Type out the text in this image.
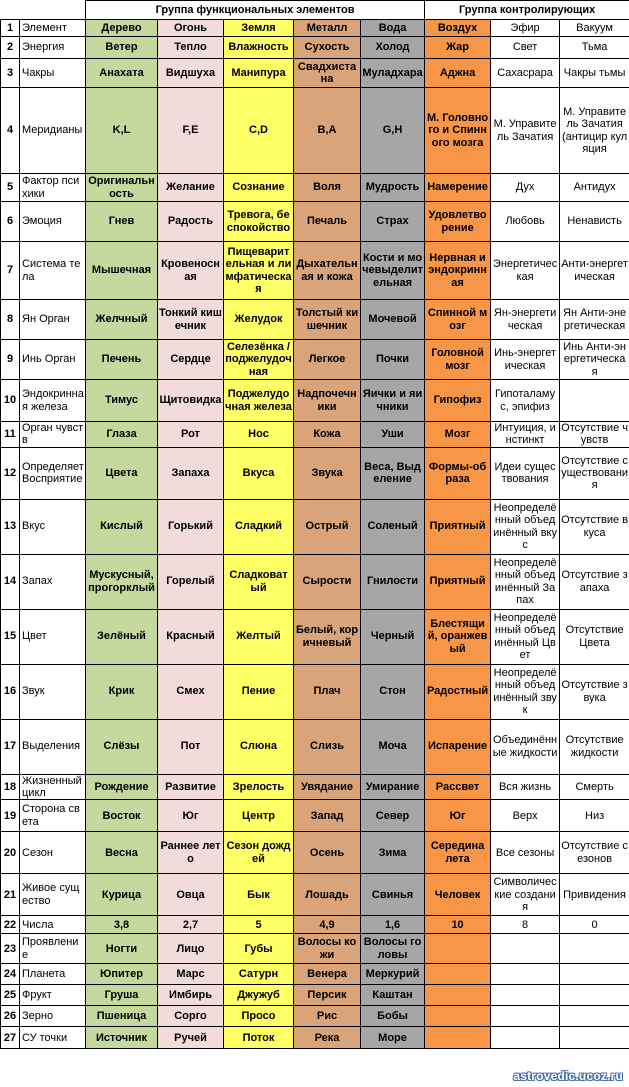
		Группа функциональных элементов					Группа контролирующих		
1	Элемент	Дерево	Огонь	Земля	Металл	Вода	Воздух	Эфир	Вакуум
2	Энергия	Ветер	Тепло	Влажность	Сухость	Холод	Жар	Свет	Тьма
3	Чакры	Анахата	Видшуха	Манипура	Свадхистана	Муладхара	Аджна	Сахасрара	Чакры тьмы
4	Меридианы	K,L	F,E	C,D	B,A	G,H	М. Головного и Спинного мозга	М. Управитель Зачатия	М. Управитель Зачатия (антицир куляция
5	Фактор психики	Оригинальность	Желание	Сознание	Воля	Мудрость	Намерение	Дух	Антидух
6	Эмоция	Гнев	Радость	Тревога, беспокойство	Печаль	Страх	Удовлетворение	Любовь	Ненависть
7	Система тела	Мышечная	Кровеносная	Пищеварительная и лимфатическая	Дыхательная и кожа	Кости и мочевыделительная	Нервная и эндокринная	Энергетическая	Анти-энергетическая
8	Ян Орган	Желчный	Тонкий кишечник	Желудок	Толстый кишечник	Мочевой	Спинной мозг	Ян-энергетическая	Ян Анти-энергетическая
9	Инь Орган	Печень	Сердце	Селезёнка /поджелудочная	Легкое	Почки	Головной мозг	Инь-энергетическая	Инь Анти-энергетическая
10	Эндокринная железа	Тимус	Щитовидка	Поджелудочная железа	Надпочечники	Яички и яичники	Гипофиз	Гипоталамус, эпифиз	
11	Орган чувств	Глаза	Рот	Нос	Кожа	Уши	Мозг	Интуиция, инстинкт	Отсутствие чувств
12	Определяет Восприятие	Цвета	Запаха	Вкуса	Звука	Веса, Выделение	Формы-образа	Идеи существования	Отсутствие существования
13	Вкус	Кислый	Горький	Сладкий	Острый	Соленый	Приятный	Неопределённый объединённый вкус	Отсутствие вкуса
14	Запах	Мускусный, прогорклый	Горелый	Сладковатый	Сырости	Гнилости	Приятный	Неопределённый объединённый Запах	Отсутствие запаха
15	Цвет	Зелёный	Красный	Желтый	Белый, коричневый	Черный	Блестящий, оранжевый	Неопределённый объединённый Цвет	Отсутствие Цвета
16	Звук	Крик	Смех	Пение	Плач	Стон	Радостный	Неопределённый объединённый звук	Отсутствие звука
17	Выделения	Слёзы	Пот	Слюна	Слизь	Моча	Испарение	Объединённые жидкости	Отсутствие жидкости
18	Жизненный цикл	Рождение	Развитие	Зрелость	Увядание	Умирание	Рассвет	Вся жизнь	Смерть
19	Сторона света	Восток	Юг	Центр	Запад	Север	Юг	Верх	Низ
20	Сезон	Весна	Раннее лето	Сезон дождей	Осень	Зима	Середина лета	Все сезоны	Отсутствие сезонов
21	Живое существо	Курица	Овца	Бык	Лошадь	Свинья	Человек	Символические создания	Привидения
22	Числа	3,8	2,7	5	4,9	1,6	10	8	0
23	Проявление	Ногти	Лицо	Губы	Волосы кожи	Волосы головы			
24	Планета	Юпитер	Марс	Сатурн	Венера	Меркурий			
25	Фрукт	Груша	Имбирь	Джужуб	Персик	Каштан			
26	Зерно	Пшеница	Сорго	Просо	Рис	Бобы			
27	СУ точки	Источник	Ручей	Поток	Река	Море			
astrovedic.ucoz.ru
